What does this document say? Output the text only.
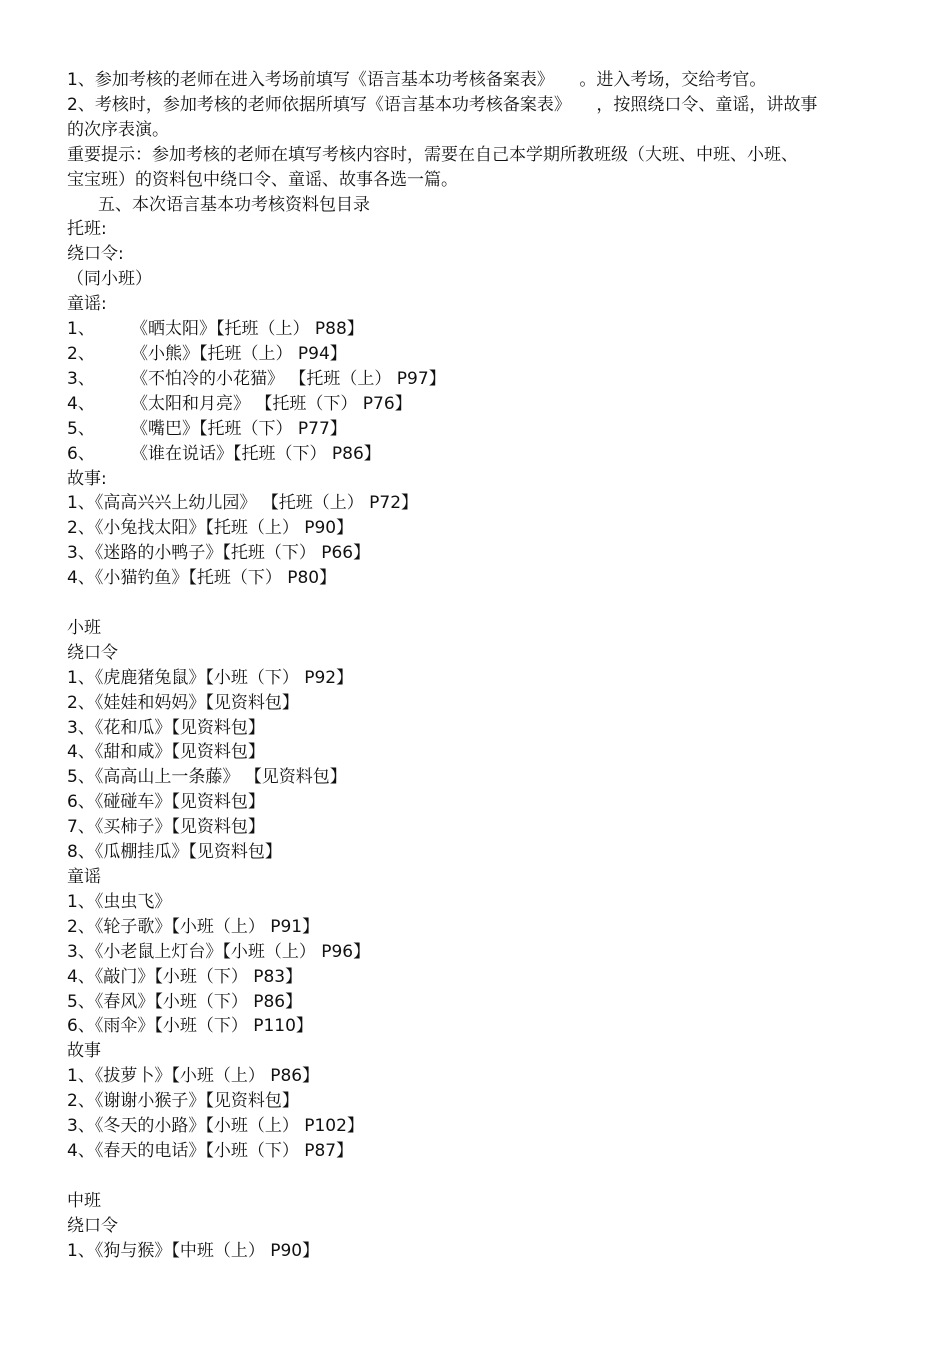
1、参加考核的老师在进入考场前填写《语言基本功考核备案表》　　。进入考场，交给考官。
2、考核时，参加考核的老师依据所填写《语言基本功考核备案表》　　，按照绕口令、童谣，讲故事
的次序表演。
重要提示：参加考核的老师在填写考核内容时，需要在自己本学期所教班级（大班、中班、小班、
宝宝班）的资料包中绕口令、童谣、故事各选一篇。
五、本次语言基本功考核资料包目录
托班:
绕口令:
（同小班）
童谣:
1、 《晒太阳》【托班（上） P88】
2、 《小熊》【托班（上） P94】
3、 《不怕冷的小花猫》 【托班（上） P97】
4、 《太阳和月亮》 【托班（下） P76】
5、 《嘴巴》【托班（下） P77】
6、 《谁在说话》【托班（下） P86】
故事:
1、《高高兴兴上幼儿园》 【托班（上） P72】
2、《小兔找太阳》【托班（上） P90】
3、《迷路的小鸭子》【托班（下） P66】
4、《小猫钓鱼》【托班（下） P80】
小班
绕口令
1、《虎鹿猪兔鼠》【小班（下） P92】
2、《娃娃和妈妈》【见资料包】
3、《花和瓜》【见资料包】
4、《甜和咸》【见资料包】
5、《高高山上一条藤》 【见资料包】
6、《碰碰车》【见资料包】
7、《买柿子》【见资料包】
8、《瓜棚挂瓜》【见资料包】
童谣
1、《虫虫飞》
2、《轮子歌》【小班（上） P91】
3、《小老鼠上灯台》【小班（上） P96】
4、《敲门》【小班（下） P83】
5、《春风》【小班（下） P86】
6、《雨伞》【小班（下） P110】
故事
1、《拔萝卜》【小班（上） P86】
2、《谢谢小猴子》【见资料包】
3、《冬天的小路》【小班（上） P102】
4、《春天的电话》【小班（下） P87】
中班
绕口令
1、《狗与猴》【中班（上） P90】
